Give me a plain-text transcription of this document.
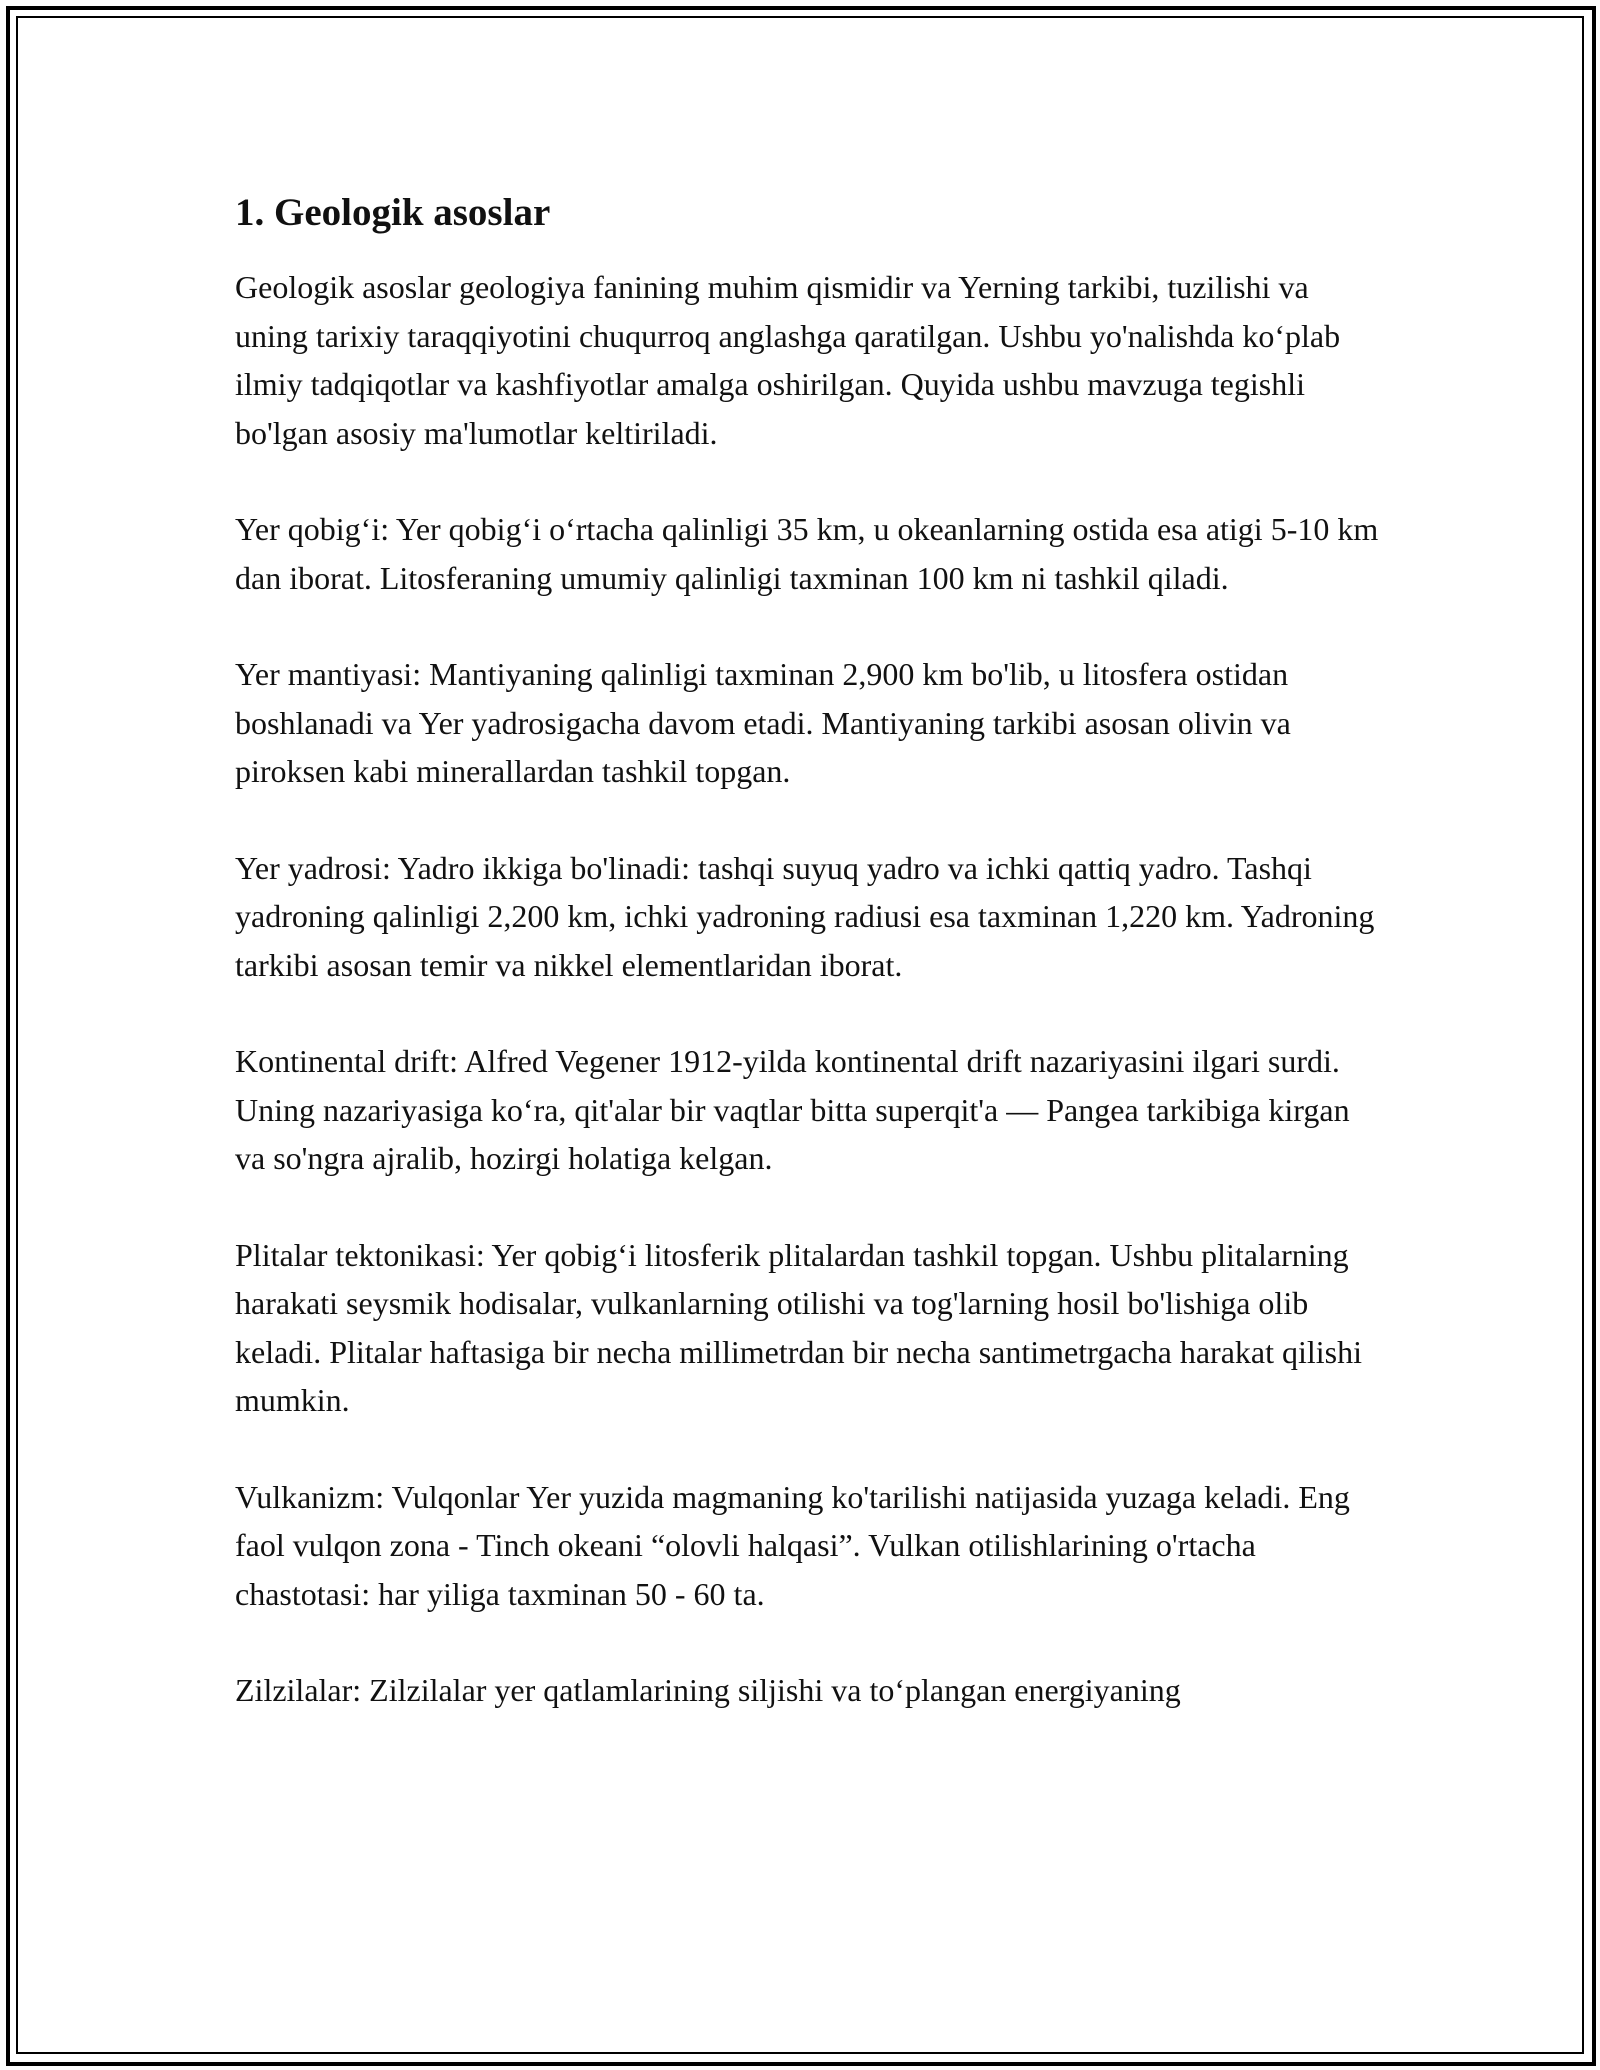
1. Geologik asoslar

Geologik asoslar geologiya fanining muhim qismidir va Yerning tarkibi, tuzilishi va uning tarixiy taraqqiyotini chuqurroq anglashga qaratilgan. Ushbu yo'nalishda ko‘plab ilmiy tadqiqotlar va kashfiyotlar amalga oshirilgan. Quyida ushbu mavzuga tegishli bo'lgan asosiy ma'lumotlar keltiriladi.

Yer qobig‘i: Yer qobig‘i o‘rtacha qalinligi 35 km, u okeanlarning ostida esa atigi 5-10 km dan iborat. Litosferaning umumiy qalinligi taxminan 100 km ni tashkil qiladi.

Yer mantiyasi: Mantiyaning qalinligi taxminan 2,900 km bo'lib, u litosfera ostidan boshlanadi va Yer yadrosigacha davom etadi. Mantiyaning tarkibi asosan olivin va piroksen kabi minerallardan tashkil topgan.

Yer yadrosi: Yadro ikkiga bo'linadi: tashqi suyuq yadro va ichki qattiq yadro. Tashqi yadroning qalinligi 2,200 km, ichki yadroning radiusi esa taxminan 1,220 km. Yadroning tarkibi asosan temir va nikkel elementlaridan iborat.

Kontinental drift: Alfred Vegener 1912-yilda kontinental drift nazariyasini ilgari surdi. Uning nazariyasiga ko‘ra, qit'alar bir vaqtlar bitta superqit'a — Pangea tarkibiga kirgan va so'ngra ajralib, hozirgi holatiga kelgan.

Plitalar tektonikasi: Yer qobig‘i litosferik plitalardan tashkil topgan. Ushbu plitalarning harakati seysmik hodisalar, vulkanlarning otilishi va tog'larning hosil bo'lishiga olib keladi. Plitalar haftasiga bir necha millimetrdan bir necha santimetrgacha harakat qilishi mumkin.

Vulkanizm: Vulqonlar Yer yuzida magmaning ko'tarilishi natijasida yuzaga keladi. Eng faol vulqon zona - Tinch okeani “olovli halqasi”. Vulkan otilishlarining o'rtacha chastotasi: har yiliga taxminan 50 - 60 ta.

Zilzilalar: Zilzilalar yer qatlamlarining siljishi va to‘plangan energiyaning
